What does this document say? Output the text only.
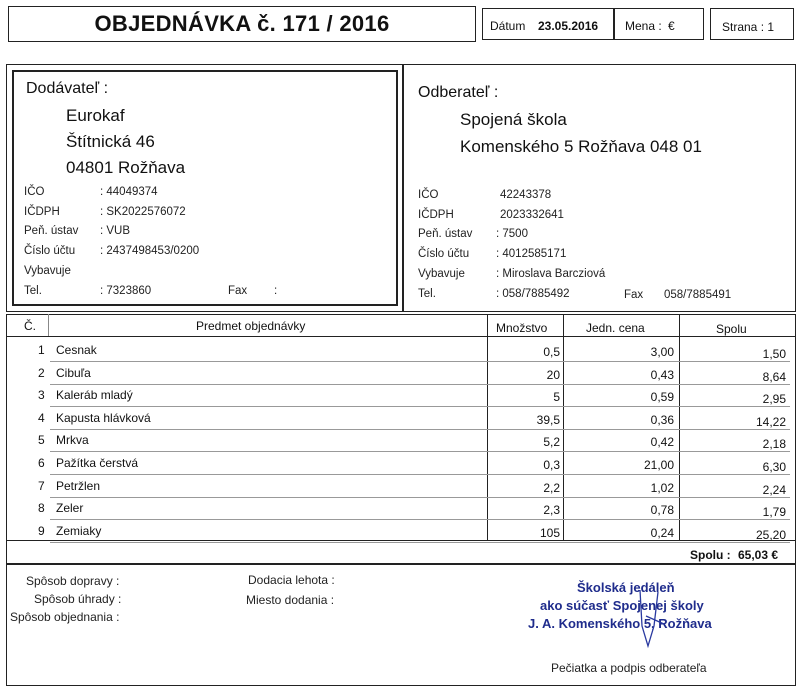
OBJEDNÁVKA č. 171 / 2016	Dátum 23.05.2016 Mena : €	Strana : 1
Dodávateľ :
Eurokaf
Štítnická 46
04801 Rožňava
IČO	: 44049374
IČDPH	: SK2022576072
Peň. ústav : VUB
Číslo účtu : 2437498453/0200
Vybavuje
Tel.	: 7323860	Fax :
Odberateľ :
Spojená škola
Komenského 5 Rožňava 048 01
IČO	42243378
IČDPH	2023332641
Peň. ústav : 7500
Číslo účtu : 4012585171
Vybavuje	: Miroslava Barcziová
Tel.	: 058/7885492	Fax 058/7885491
Č.	Predmet objednávky	Množstvo	Jedn. cena	Spolu
1 Cesnak	0,5	3,00	1,50
2 Cibuľa	20	0,43	8,64
3 Kaleráb mladý	5	0,59	2,95
4 Kapusta hlávková	39,5	0,36	14,22
5 Mrkva	5,2	0,42	2,18
6 Pažítka čerstvá	0,3	21,00	6,30
7 Petržlen	2,2	1,02	2,24
8 Zeler	2,3	0,78	1,79
9 Zemiaky	105	0,24	25,20
Spolu : 65,03 €
Spôsob dopravy :
Spôsob úhrady :
Spôsob objednania :
Dodacia lehota :
Miesto dodania :
Školská jedáleň
ako súčasť Spojenej školy
J. A. Komenského 5, Rožňava
Pečiatka a podpis odberateľa
